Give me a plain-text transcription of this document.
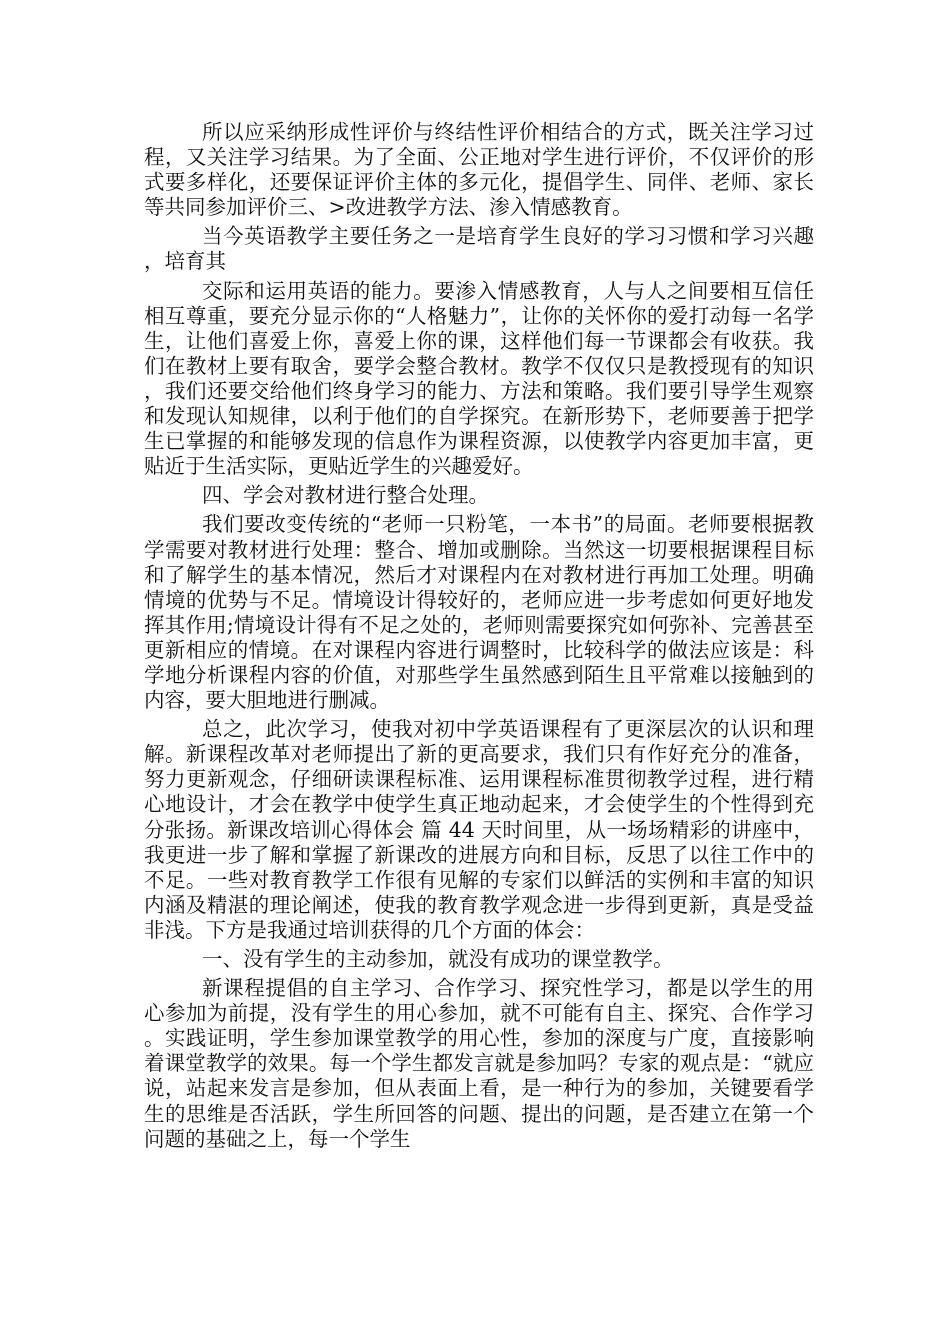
所以应采纳形成性评价与终结性评价相结合的方式，既关注学习过程，又关注学习结果。为了全面、公正地对学生进行评价，不仅评价的形式要多样化，还要保证评价主体的多元化，提倡学生、同伴、老师、家长等共同参加评价三、>改进教学方法、渗入情感教育。

当今英语教学主要任务之一是培育学生良好的学习习惯和学习兴趣，培育其

交际和运用英语的能力。要渗入情感教育，人与人之间要相互信任相互尊重，要充分显示你的“人格魅力”，让你的关怀你的爱打动每一名学生，让他们喜爱上你，喜爱上你的课，这样他们每一节课都会有收获。我们在教材上要有取舍，要学会整合教材。教学不仅仅只是教授现有的知识，我们还要交给他们终身学习的能力、方法和策略。我们要引导学生观察和发现认知规律，以利于他们的自学探究。在新形势下，老师要善于把学生已掌握的和能够发现的信息作为课程资源，以使教学内容更加丰富，更贴近于生活实际，更贴近学生的兴趣爱好。

四、学会对教材进行整合处理。

我们要改变传统的“老师一只粉笔，一本书”的局面。老师要根据教学需要对教材进行处理：整合、增加或删除。当然这一切要根据课程目标和了解学生的基本情况，然后才对课程内在对教材进行再加工处理。明确情境的优势与不足。情境设计得较好的，老师应进一步考虑如何更好地发挥其作用;情境设计得有不足之处的，老师则需要探究如何弥补、完善甚至更新相应的情境。在对课程内容进行调整时，比较科学的做法应该是：科学地分析课程内容的价值，对那些学生虽然感到陌生且平常难以接触到的内容，要大胆地进行删减。

总之，此次学习，使我对初中学英语课程有了更深层次的认识和理解。新课程改革对老师提出了新的更高要求，我们只有作好充分的准备，努力更新观念，仔细研读课程标准、运用课程标准贯彻教学过程，进行精心地设计，才会在教学中使学生真正地动起来，才会使学生的个性得到充分张扬。新课改培训心得体会 篇 44 天时间里，从一场场精彩的讲座中，我更进一步了解和掌握了新课改的进展方向和目标，反思了以往工作中的不足。一些对教育教学工作很有见解的专家们以鲜活的实例和丰富的知识内涵及精湛的理论阐述，使我的教育教学观念进一步得到更新，真是受益非浅。下方是我通过培训获得的几个方面的体会：

一、没有学生的主动参加，就没有成功的课堂教学。

新课程提倡的自主学习、合作学习、探究性学习，都是以学生的用心参加为前提，没有学生的用心参加，就不可能有自主、探究、合作学习。实践证明，学生参加课堂教学的用心性，参加的深度与广度，直接影响着课堂教学的效果。每一个学生都发言就是参加吗？专家的观点是：“就应说，站起来发言是参加，但从表面上看，是一种行为的参加，关键要看学生的思维是否活跃，学生所回答的问题、提出的问题，是否建立在第一个问题的基础之上，每一个学生
